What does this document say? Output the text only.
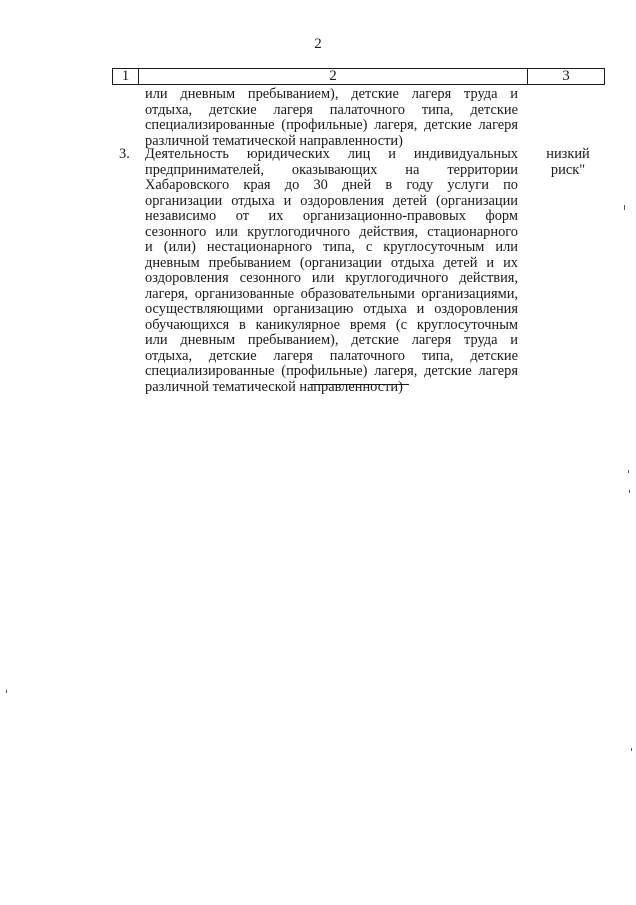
2
1	2	3
или дневным пребыванием), детские лагеря труда и
отдыха, детские лагеря палаточного типа, детские
специализированные (профильные) лагеря, детские лагеря
различной тематической направленности)
3. Деятельность юридических лиц и индивидуальных
предпринимателей, оказывающих на территории
Хабаровского края до 30 дней в году услуги по
организации отдыха и оздоровления детей (организации
независимо от их организационно-правовых форм
сезонного или круглогодичного действия, стационарного
и (или) нестационарного типа, с круглосуточным или
дневным пребыванием (организации отдыха детей и их
оздоровления сезонного или круглогодичного действия,
лагеря, организованные образовательными организациями,
осуществляющими организацию отдыха и оздоровления
обучающихся в каникулярное время (с круглосуточным
или дневным пребыванием), детские лагеря труда и
отдыха, детские лагеря палаточного типа, детские
специализированные (профильные) лагеря, детские лагеря
различной тематической направленности)
низкий
риск"
